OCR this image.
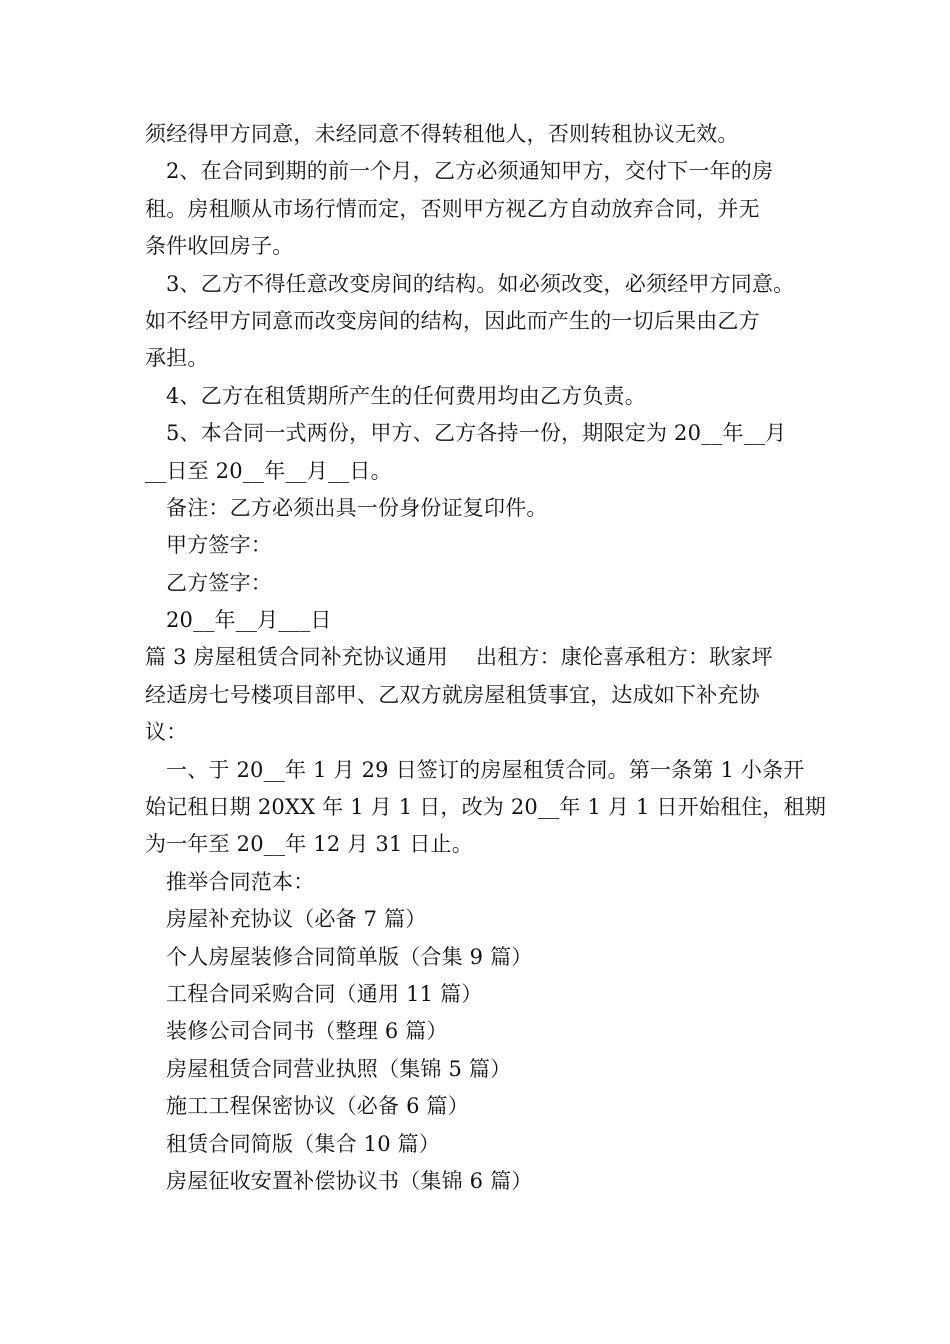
须经得甲方同意，未经同意不得转租他人，否则转租协议无效。
2、在合同到期的前一个月，乙方必须通知甲方，交付下一年的房
租。房租顺从市场行情而定，否则甲方视乙方自动放弃合同，并无
条件收回房子。
3、乙方不得任意改变房间的结构。如必须改变，必须经甲方同意。
如不经甲方同意而改变房间的结构，因此而产生的一切后果由乙方
承担。
4、乙方在租赁期所产生的任何费用均由乙方负责。
5、本合同一式两份，甲方、乙方各持一份，期限定为 20__年__月
__日至 20__年__月__日。
备注：乙方必须出具一份身份证复印件。
甲方签字：
乙方签字：
20__年__月___日
篇 3 房屋租赁合同补充协议通用　 出租方：康伦喜承租方：耿家坪
经适房七号楼项目部甲、乙双方就房屋租赁事宜，达成如下补充协
议：
一、于 20__年 1 月 29 日签订的房屋租赁合同。第一条第 1 小条开
始记租日期 20XX 年 1 月 1 日，改为 20__年 1 月 1 日开始租住，租期
为一年至 20__年 12 月 31 日止。
推举合同范本：
房屋补充协议（必备 7 篇）
个人房屋装修合同简单版（合集 9 篇）
工程合同采购合同（通用 11 篇）
装修公司合同书（整理 6 篇）
房屋租赁合同营业执照（集锦 5 篇）
施工工程保密协议（必备 6 篇）
租赁合同简版（集合 10 篇）
房屋征收安置补偿协议书（集锦 6 篇）
